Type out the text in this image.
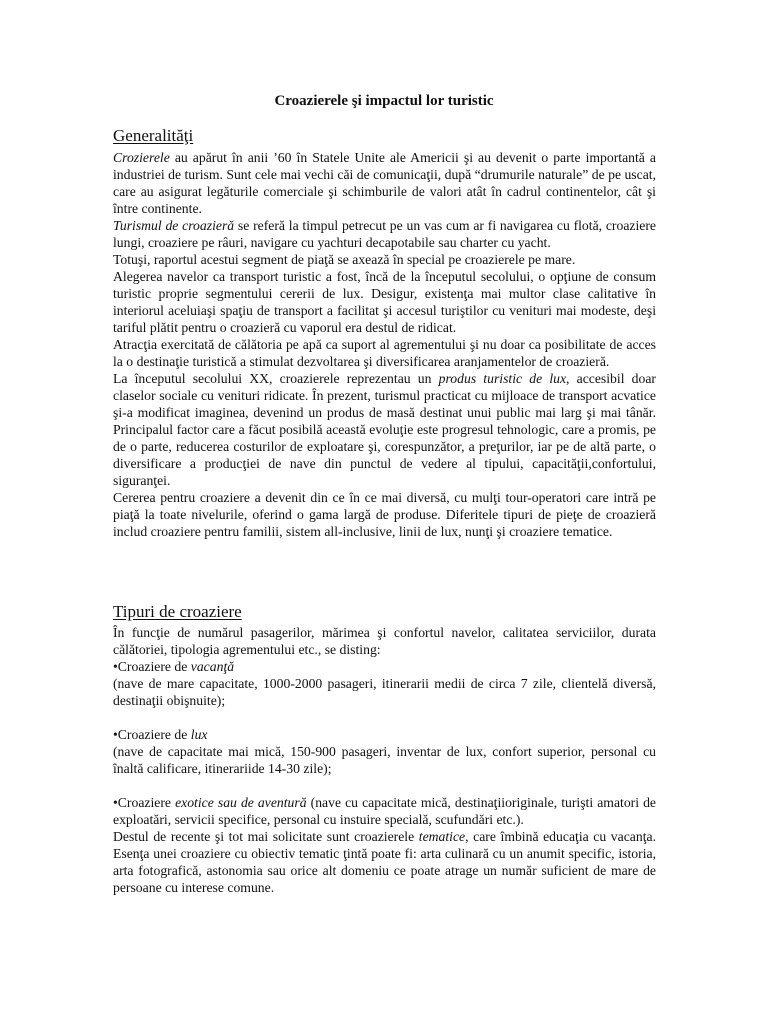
Croazierele şi impactul lor turistic
Generalităţi

Crozierele au apărut în anii ’60 în Statele Unite ale Americii şi au devenit o parte importantă a industriei de turism. Sunt cele mai vechi căi de comunicaţii, după “drumurile naturale” de pe uscat, care au asigurat legăturile comerciale şi schimburile de valori atât în cadrul continentelor, cât şi între continente.

Turismul de croazieră se referă la timpul petrecut pe un vas cum ar fi navigarea cu flotă, croaziere lungi, croaziere pe râuri, navigare cu yachturi decapotabile sau charter cu yacht.

Totuşi, raportul acestui segment de piaţă se axează în special pe croazierele pe mare.

Alegerea navelor ca transport turistic a fost, încă de la începutul secolului, o opţiune de consum turistic proprie segmentului cererii de lux. Desigur, existenţa mai multor clase calitative în interiorul aceluiaşi spaţiu de transport a facilitat şi accesul turiştilor cu venituri mai modeste, deşi tariful plătit pentru o croazieră cu vaporul era destul de ridicat.

Atracţia exercitată de călătoria pe apă ca suport al agrementului şi nu doar ca posibilitate de acces la o destinaţie turistică a stimulat dezvoltarea şi diversificarea aranjamentelor de croazieră.

La începutul secolului XX, croazierele reprezentau un produs turistic de lux, accesibil doar claselor sociale cu venituri ridicate. În prezent, turismul practicat cu mijloace de transport acvatice şi-a modificat imaginea, devenind un produs de masă destinat unui public mai larg şi mai tânăr. Principalul factor care a făcut posibilă această evoluţie este progresul tehnologic, care a promis, pe de o parte, reducerea costurilor de exploatare şi, corespunzător, a preţurilor, iar pe de altă parte, o diversificare a producţiei de nave din punctul de vedere al tipului, capacităţii,confortului, siguranţei.

Cererea pentru croaziere a devenit din ce în ce mai diversă, cu mulţi tour-operatori care intră pe piaţă la toate nivelurile, oferind o gama largă de produse. Diferitele tipuri de pieţe de croazieră includ croaziere pentru familii, sistem all-inclusive, linii de lux, nunţi şi croaziere tematice.

Tipuri de croaziere

În funcţie de numărul pasagerilor, mărimea şi confortul navelor, calitatea serviciilor, durata călătoriei, tipologia agrementului etc., se disting:

• Croaziere de vacanţă

(nave de mare capacitate, 1000-2000 pasageri, itinerarii medii de circa 7 zile, clientelă diversă, destinaţii obişnuite);

• Croaziere de lux

(nave de capacitate mai mică, 150-900 pasageri, inventar de lux, confort superior, personal cu înaltă calificare, itinerariide 14-30 zile);

• Croaziere exotice sau de aventură (nave cu capacitate mică, destinaţiioriginale, turişti amatori de exploatări, servicii specifice, personal cu instuire specială, scufundări etc.).

Destul de recente şi tot mai solicitate sunt croazierele tematice, care îmbină educaţia cu vacanţa. Esenţa unei croaziere cu obiectiv tematic ţintă poate fi: arta culinară cu un anumit specific, istoria, arta fotografică, astonomia sau orice alt domeniu ce poate atrage un număr suficient de mare de persoane cu interese comune.
